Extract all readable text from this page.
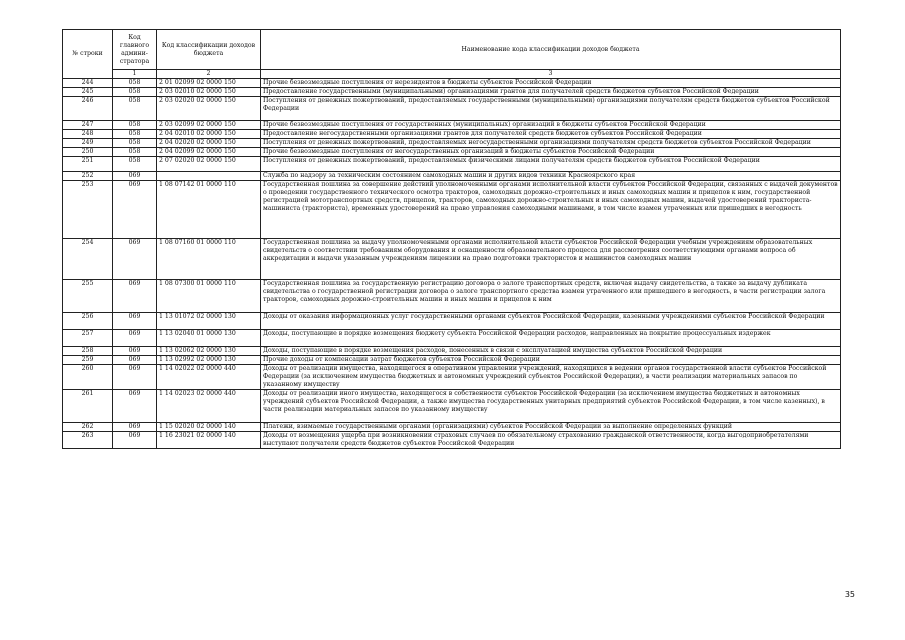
№ строки	Код главного админи-стратора	Код классификации доходов бюджета	Наименование кода классификации доходов бюджета
	1	2	3
244	058	2 01 02099 02 0000 150	Прочие безвозмездные поступления от нерезидентов в бюджеты субъектов Российской Федерации
245	058	2 03 02010 02 0000 150	Предоставление государственными (муниципальными) организациями грантов для получателей средств бюджетов субъектов Российской Федерации
246	058	2 03 02020 02 0000 150	Поступления от денежных пожертвований, предоставляемых государственными (муниципальными) организациями получателям средств бюджетов субъектов Российской Федерации
247	058	2 03 02099 02 0000 150	Прочие безвозмездные поступления от государственных (муниципальных) организаций в бюджеты субъектов Российской Федерации
248	058	2 04 02010 02 0000 150	Предоставление негосударственными организациями грантов для получателей средств бюджетов субъектов Российской Федерации
249	058	2 04 02020 02 0000 150	Поступления от денежных пожертвований, предоставляемых негосударственными организациями получателям средств бюджетов субъектов Российской Федерации
250	058	2 04 02099 02 0000 150	Прочие безвозмездные поступления от негосударственных организаций в бюджеты субъектов Российской Федерации
251	058	2 07 02020 02 0000 150	Поступления от денежных пожертвований, предоставляемых физическими лицами получателям средств бюджетов субъектов Российской Федерации
252	069		Служба по надзору за техническим состоянием самоходных машин и других видов техники Красноярского края
253	069	1 08 07142 01 0000 110	Государственная пошлина за совершение действий уполномоченными органами исполнительной власти субъектов Российской Федерации, связанных с выдачей документов о проведении государственного технического осмотра тракторов, самоходных дорожно-строительных и иных самоходных машин и прицепов к ним, государственной регистрацией мототранспортных средств, прицепов, тракторов, самоходных дорожно-строительных и иных самоходных машин, выдачей удостоверений тракториста-машиниста (тракториста), временных удостоверений на право управления самоходными машинами, в том числе взамен утраченных или пришедших в негодность
254	069	1 08 07160 01 0000 110	Государственная пошлина за выдачу уполномоченными органами исполнительной власти субъектов Российской Федерации учебным учреждениям образовательных свидетельств о соответствии требованиям оборудования и оснащенности образовательного процесса для рассмотрения соответствующими органами вопроса об аккредитации и выдачи указанным учреждениям лицензии на право подготовки трактористов и машинистов самоходных машин
255	069	1 08 07300 01 0000 110	Государственная пошлина за государственную регистрацию договора о залоге транспортных средств, включая выдачу свидетельства, а также за выдачу дубликата свидетельства о государственной регистрации договора о залоге транспортного средства взамен утраченного или пришедшего в негодность, в части регистрации залога тракторов, самоходных дорожно-строительных машин и иных машин и прицепов к ним
256	069	1 13 01072 02 0000 130	Доходы от оказания информационных услуг государственными органами субъектов Российской Федерации, казенными учреждениями субъектов Российской Федерации
257	069	1 13 02040 01 0000 130	Доходы, поступающие в порядке возмещения бюджету субъекта Российской Федерации расходов, направленных на покрытие процессуальных издержек
258	069	1 13 02062 02 0000 130	Доходы, поступающие в порядке возмещения расходов, понесенных в связи с эксплуатацией имущества субъектов Российской Федерации
259	069	1 13 02992 02 0000 130	Прочие доходы от компенсации затрат бюджетов субъектов Российской Федерации
260	069	1 14 02022 02 0000 440	Доходы от реализации имущества, находящегося в оперативном управлении учреждений, находящихся в ведении органов государственной власти субъектов Российской Федерации (за исключением имущества бюджетных и автономных учреждений субъектов Российской Федерации), в части реализации материальных запасов по указанному имуществу
261	069	1 14 02023 02 0000 440	Доходы от реализации иного имущества, находящегося в собственности субъектов Российской Федерации (за исключением имущества бюджетных и автономных учреждений субъектов Российской Федерации, а также имущества государственных унитарных предприятий субъектов Российской Федерации, в том числе казенных), в части реализации материальных запасов по указанному имуществу
262	069	1 15 02020 02 0000 140	Платежи, взимаемые государственными органами (организациями) субъектов Российской Федерации за выполнение определенных функций
263	069	1 16 23021 02 0000 140	Доходы от возмещения ущерба при возникновении страховых случаев по обязательному страхованию гражданской ответственности, когда выгодоприобретателями выступают получатели средств бюджетов субъектов Российской Федерации
35
